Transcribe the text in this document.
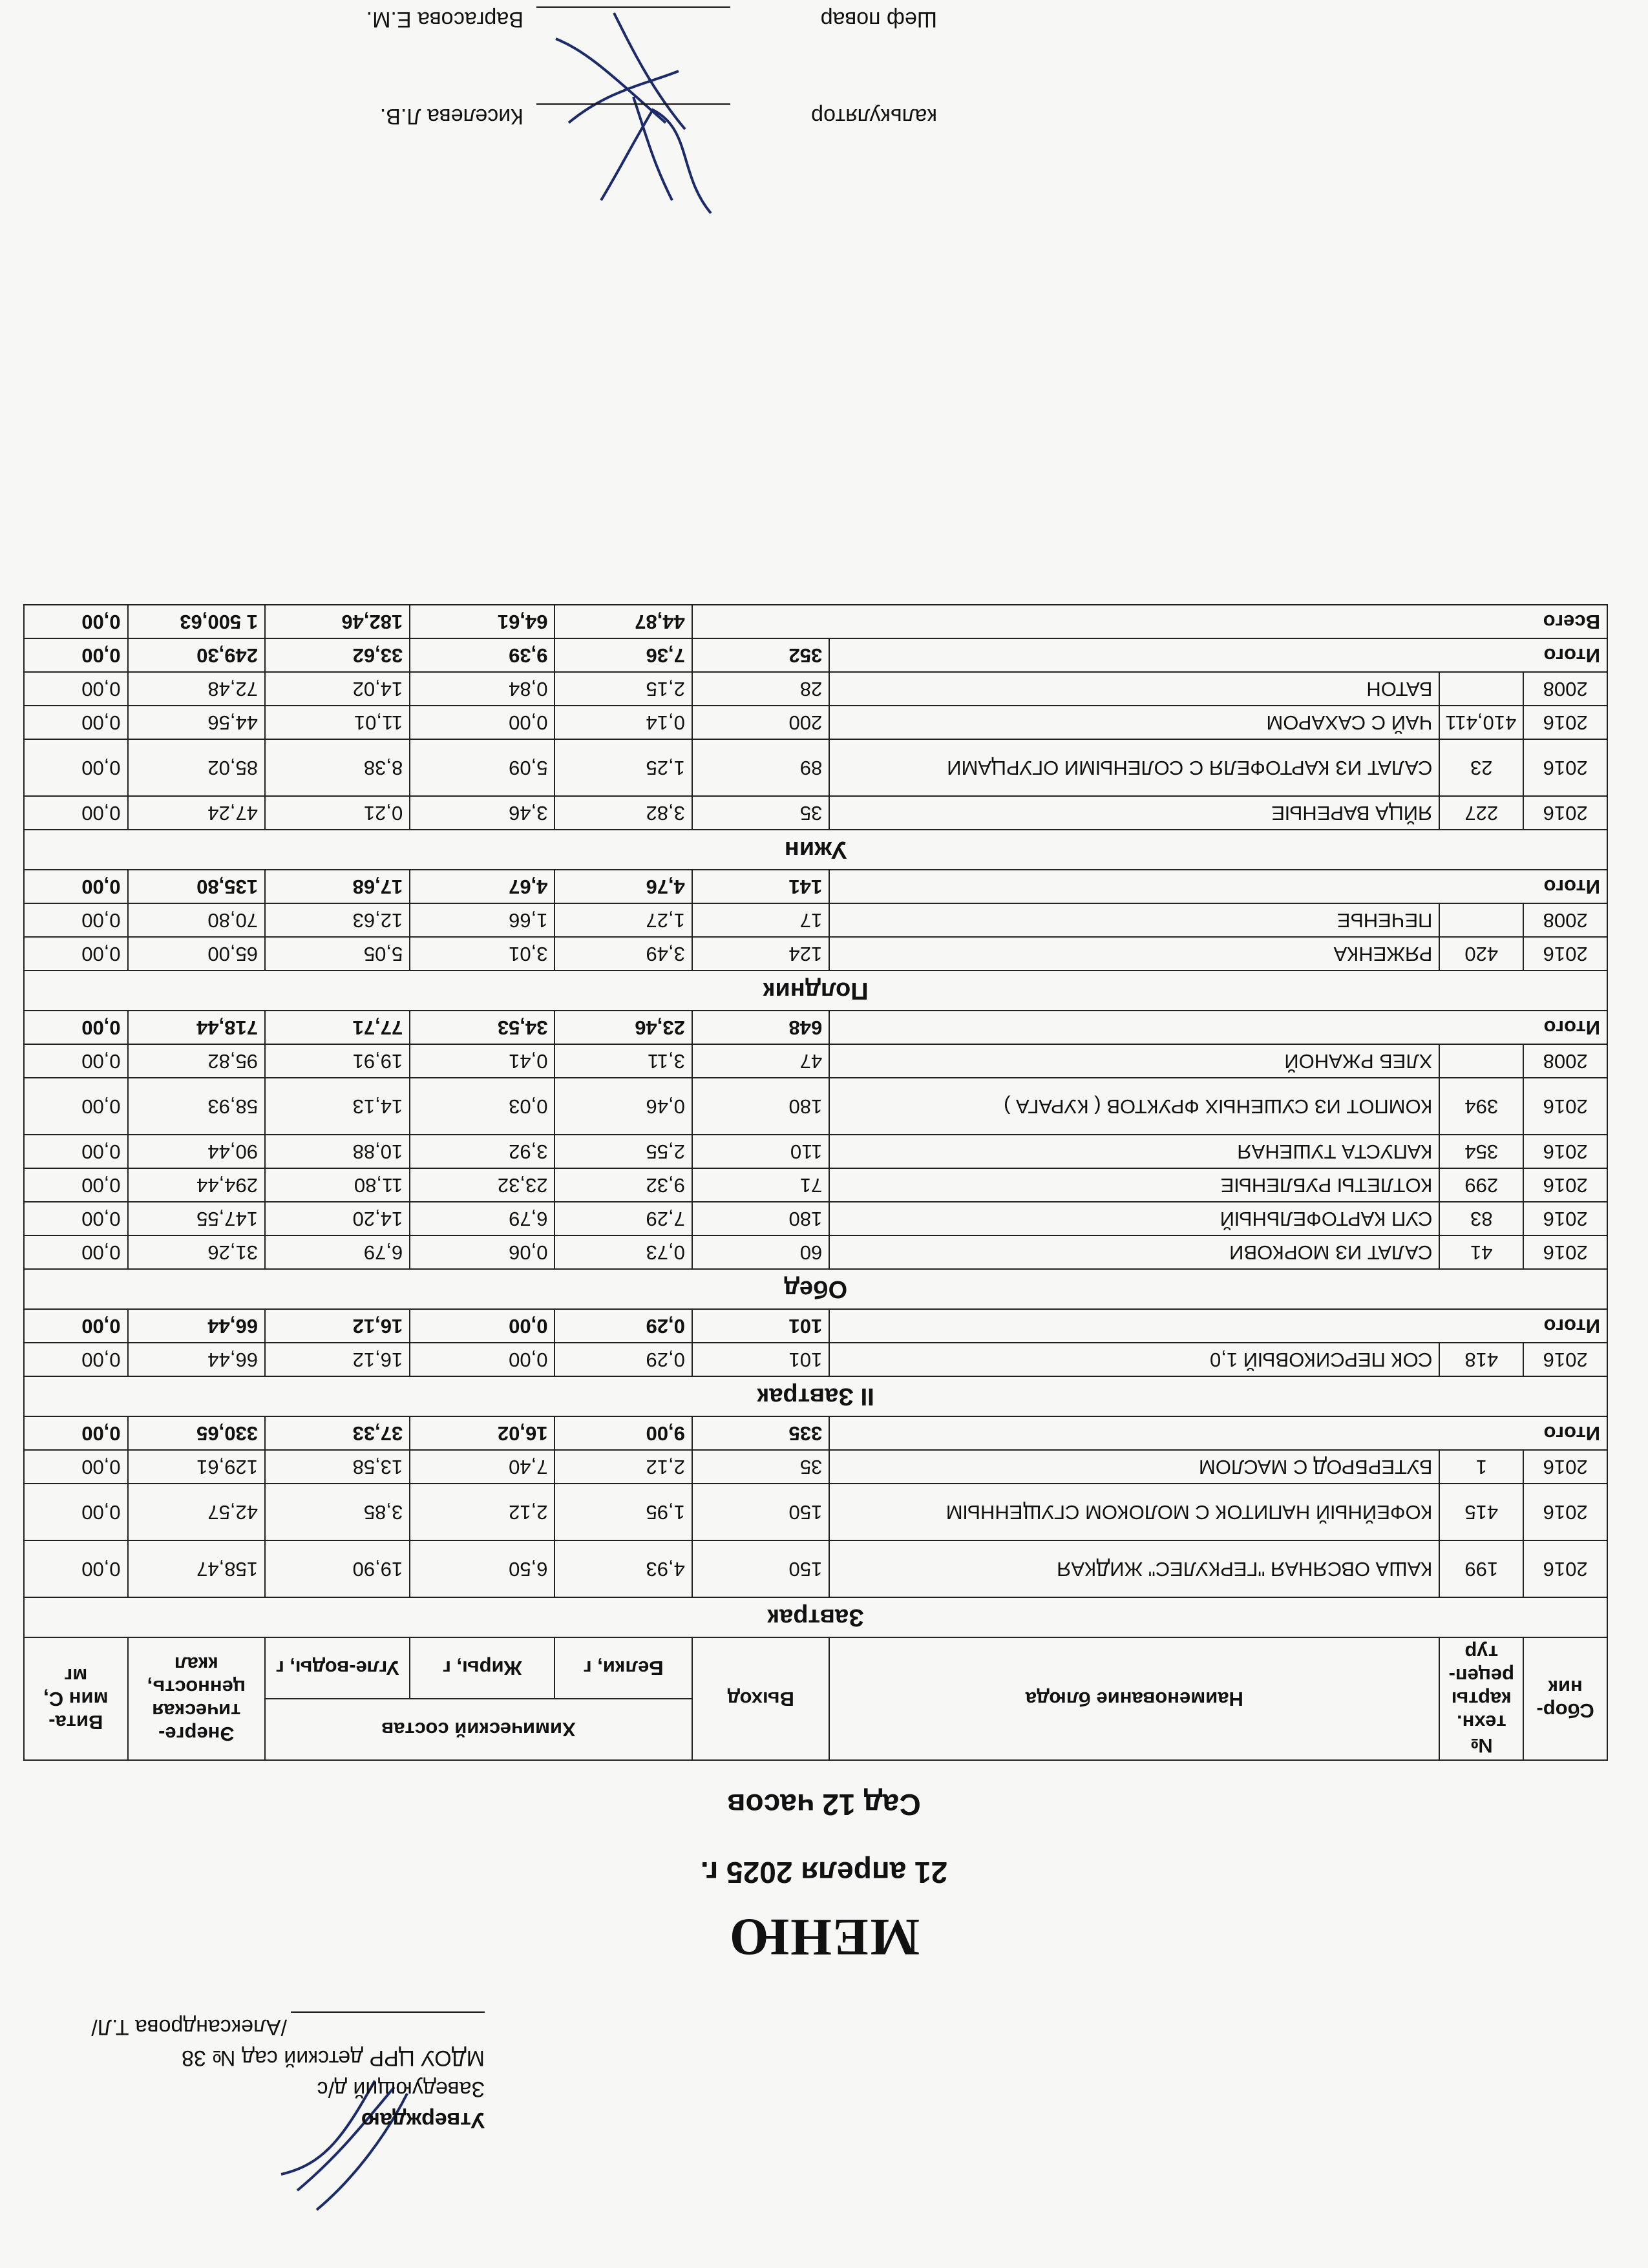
Утверждаю
Заведующий д/с
МДОУ ЦРР детский сад № 38
/Александрова Т.Л/
МЕНЮ
21 апреля 2025 г.
Сад 12 часов
Сбор-ник	№ техн. карты рецеп-тур	Наименование блюда	Выход	Химический состав			Энерге-тическая ценность, ккал	Вита-мин С, мг
				Белки, г	Жиры, г	Угле-воды, г		
Завтрак								
2016	199	КАША ОВСЯНАЯ "ГЕРКУЛЕС" ЖИДКАЯ	150	4,93	6,50	19,90	158,47	0,00
2016	415	КОФЕЙНЫЙ НАПИТОК С МОЛОКОМ СГУЩЕННЫМ	150	1,95	2,12	3,85	42,57	0,00
2016	1	БУТЕРБРОД С МАСЛОМ	35	2,12	7,40	13,58	129,61	0,00
Итого			335	9,00	16,02	37,33	330,65	0,00
II Завтрак								
2016	418	СОК ПЕРСИКОВЫЙ 1,0	101	0,29	0,00	16,12	66,44	0,00
Итого			101	0,29	0,00	16,12	66,44	0,00
Обед								
2016	41	САЛАТ ИЗ МОРКОВИ	60	0,73	0,06	6,79	31,26	0,00
2016	83	СУП КАРТОФЕЛЬНЫЙ	180	7,29	6,79	14,20	147,55	0,00
2016	299	КОТЛЕТЫ РУБЛЕНЫЕ	71	9,32	23,32	11,80	294,44	0,00
2016	354	КАПУСТА ТУШЕНАЯ	110	2,55	3,92	10,88	90,44	0,00
2016	394	КОМПОТ ИЗ СУШЕНЫХ ФРУКТОВ ( КУРАГА )	180	0,46	0,03	14,13	58,93	0,00
2008		ХЛЕБ РЖАНОЙ	47	3,11	0,41	19,91	95,82	0,00
Итого			648	23,46	34,53	77,71	718,44	0,00
Полдник								
2016	420	РЯЖЕНКА	124	3,49	3,01	5,05	65,00	0,00
2008		ПЕЧЕНЬЕ	17	1,27	1,66	12,63	70,80	0,00
Итого			141	4,76	4,67	17,68	135,80	0,00
Ужин								
2016	227	ЯЙЦА ВАРЕНЫЕ	35	3,82	3,46	0,21	47,24	0,00
2016	23	САЛАТ ИЗ КАРТОФЕЛЯ С СОЛЕНЫМИ ОГУРЦАМИ	89	1,25	5,09	8,38	85,02	0,00
2016	410,411	ЧАЙ С САХАРОМ	200	0,14	0,00	11,01	44,56	0,00
2008		БАТОН	28	2,15	0,84	14,02	72,48	0,00
Итого			352	7,36	9,39	33,62	249,30	0,00
Всего				44,87	64,61	182,46	1 500,63	0,00
калькулятор
Киселева Л.В.
Шеф повар
Варгасова Е.М.
